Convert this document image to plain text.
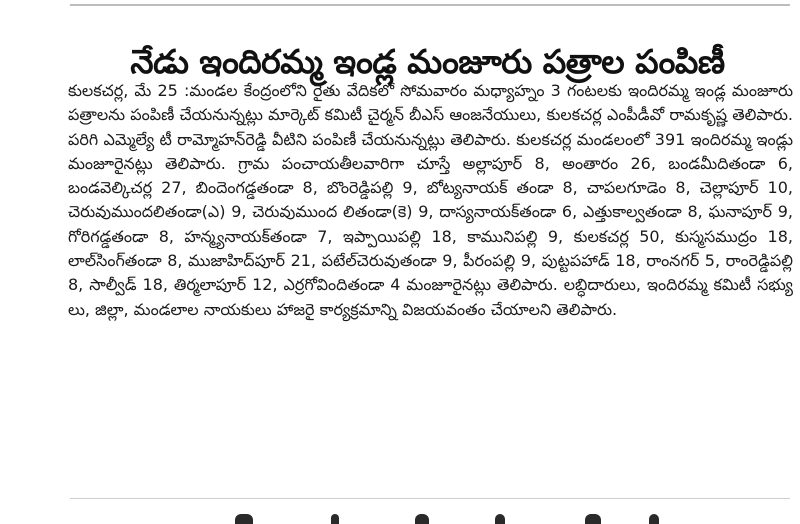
నేడు ఇందిరమ్మ ఇండ్ల మంజూరు పత్రాల పంపిణీ

కులకచర్ల, మే 25 :మండల కేంద్రంలోని రైతు వేదికలో సోమవారం మధ్యాహ్నం 3 గంటలకు ఇందిరమ్మ ఇండ్ల మంజూరు పత్రాలను పంపిణీ చేయనున్నట్లు మార్కెట్ కమిటీ చైర్మన్ బీఎస్ ఆంజనేయులు, కులకచర్ల ఎంపీడీవో రామకృష్ణ తెలిపారు. పరిగి ఎమ్మెల్యే టీ రామ్మోహన్‌రెడ్డి వీటిని పంపిణీ చేయనున్నట్లు తెలిపారు. కులకచర్ల మండలంలో 391 ఇందిరమ్మ ఇండ్లు మంజూరైనట్లు తెలిపారు. గ్రామ పంచాయతీలవారిగా చూస్తే అల్లాపూర్ 8, అంతారం 26, బండమీదితండా 6, బండవెల్కిచర్ల 27, బిందెంగడ్డతండా 8, బొంరెడ్డిపల్లి 9, బోట్యనాయక్ తండా 8, చాపలగూడెం 8, చెల్లాపూర్ 10, చెరువుముందలితండా(ఎ) 9, చెరువుముంద లితండా(కె) 9, దాస్యనాయక్‌తండా 6, ఎత్తుకాల్వతండా 8, ఘనాపూర్ 9, గోరిగడ్డతండా 8, హన్మ్యనాయక్‌తండా 7, ఇప్పాయిపల్లి 18, కామునిపల్లి 9, కులకచర్ల 50, కుస్మసముద్రం 18, లాల్‌సింగ్‌తండా 8, ముజాహిద్‌పూర్ 21, పటేల్‌చెరువుతండా 9, పీరంపల్లి 9, పుట్టపహాడ్ 18, రాంనగర్ 5, రాంరెడ్డిపల్లి 8, సాల్వీడ్ 18, తిర్మలాపూర్ 12, ఎర్రగోవిందితండా 4 మంజూరైనట్లు తెలిపారు. లబ్ధిదారులు, ఇందిరమ్మ కమిటీ సభ్యు లు, జిల్లా, మండలాల నాయకులు హాజరై కార్యక్రమాన్ని విజయవంతం చేయాలని తెలిపారు.
